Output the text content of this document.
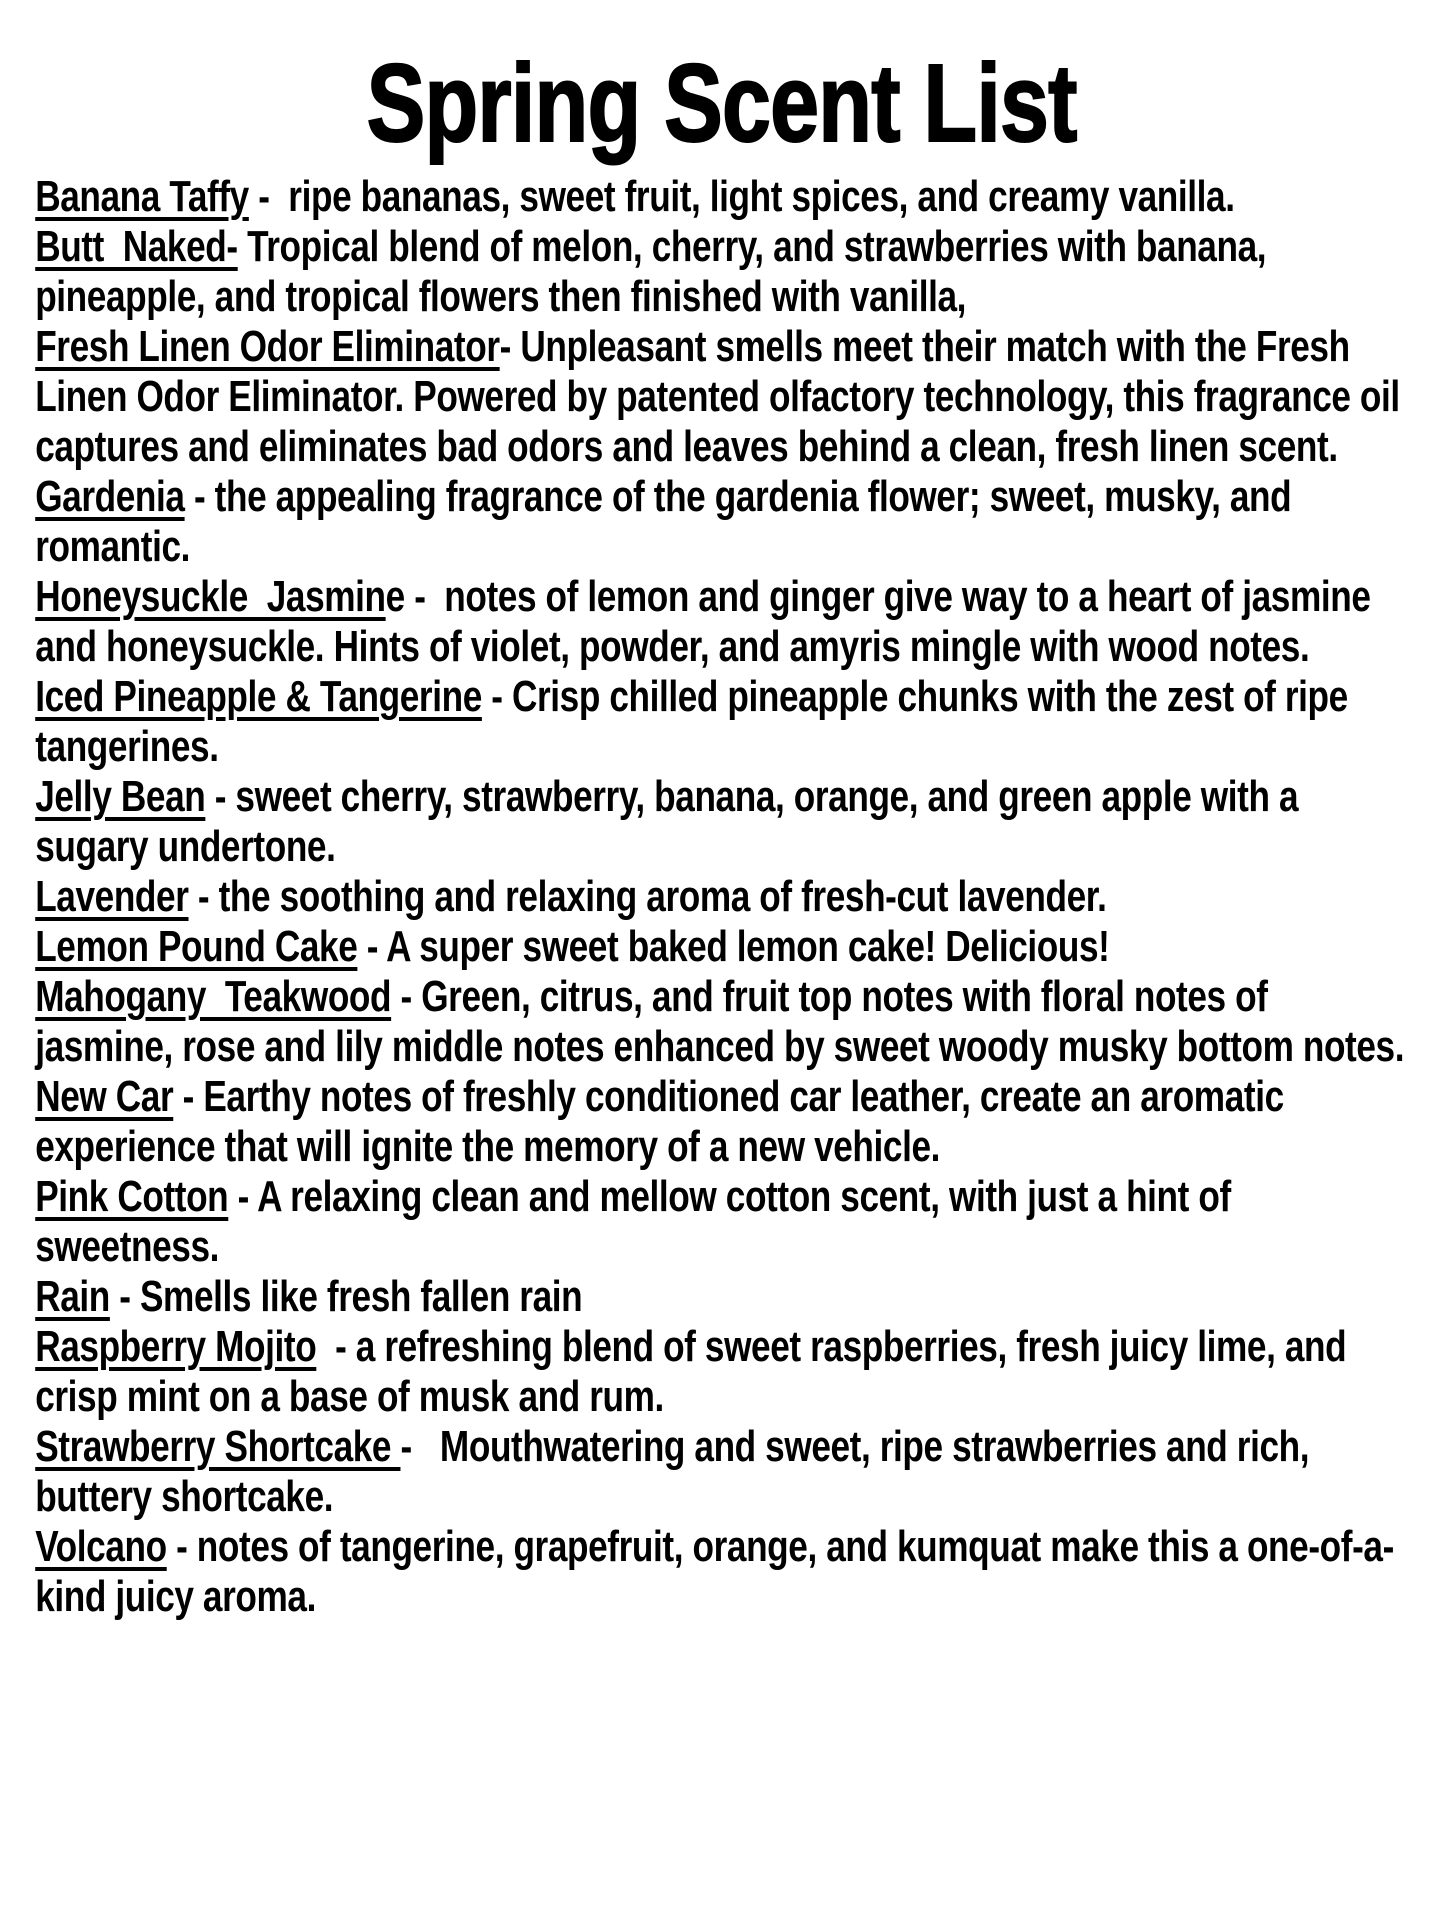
Spring Scent List

Banana Taffy -  ripe bananas, sweet fruit, light spices, and creamy vanilla.

Butt  Naked- Tropical blend of melon, cherry, and strawberries with banana, pineapple, and tropical flowers then finished with vanilla,

Fresh Linen Odor Eliminator- Unpleasant smells meet their match with the Fresh Linen Odor Eliminator. Powered by patented olfactory technology, this fragrance oil captures and eliminates bad odors and leaves behind a clean, fresh linen scent.

Gardenia - the appealing fragrance of the gardenia flower; sweet, musky, and romantic.

Honeysuckle  Jasmine -  notes of lemon and ginger give way to a heart of jasmine and honeysuckle. Hints of violet, powder, and amyris mingle with wood notes.

Iced Pineapple & Tangerine - Crisp chilled pineapple chunks with the zest of ripe tangerines.

Jelly Bean - sweet cherry, strawberry, banana, orange, and green apple with a sugary undertone.

Lavender - the soothing and relaxing aroma of fresh-cut lavender.

Lemon Pound Cake - A super sweet baked lemon cake! Delicious!

Mahogany  Teakwood - Green, citrus, and fruit top notes with floral notes of jasmine, rose and lily middle notes enhanced by sweet woody musky bottom notes.

New Car - Earthy notes of freshly conditioned car leather, create an aromatic experience that will ignite the memory of a new vehicle.

Pink Cotton - A relaxing clean and mellow cotton scent, with just a hint of sweetness.

Rain - Smells like fresh fallen rain

Raspberry Mojito  - a refreshing blend of sweet raspberries, fresh juicy lime, and crisp mint on a base of musk and rum.

Strawberry Shortcake -   Mouthwatering and sweet, ripe strawberries and rich, buttery shortcake.

Volcano - notes of tangerine, grapefruit, orange, and kumquat make this a one-of-a-kind juicy aroma.
